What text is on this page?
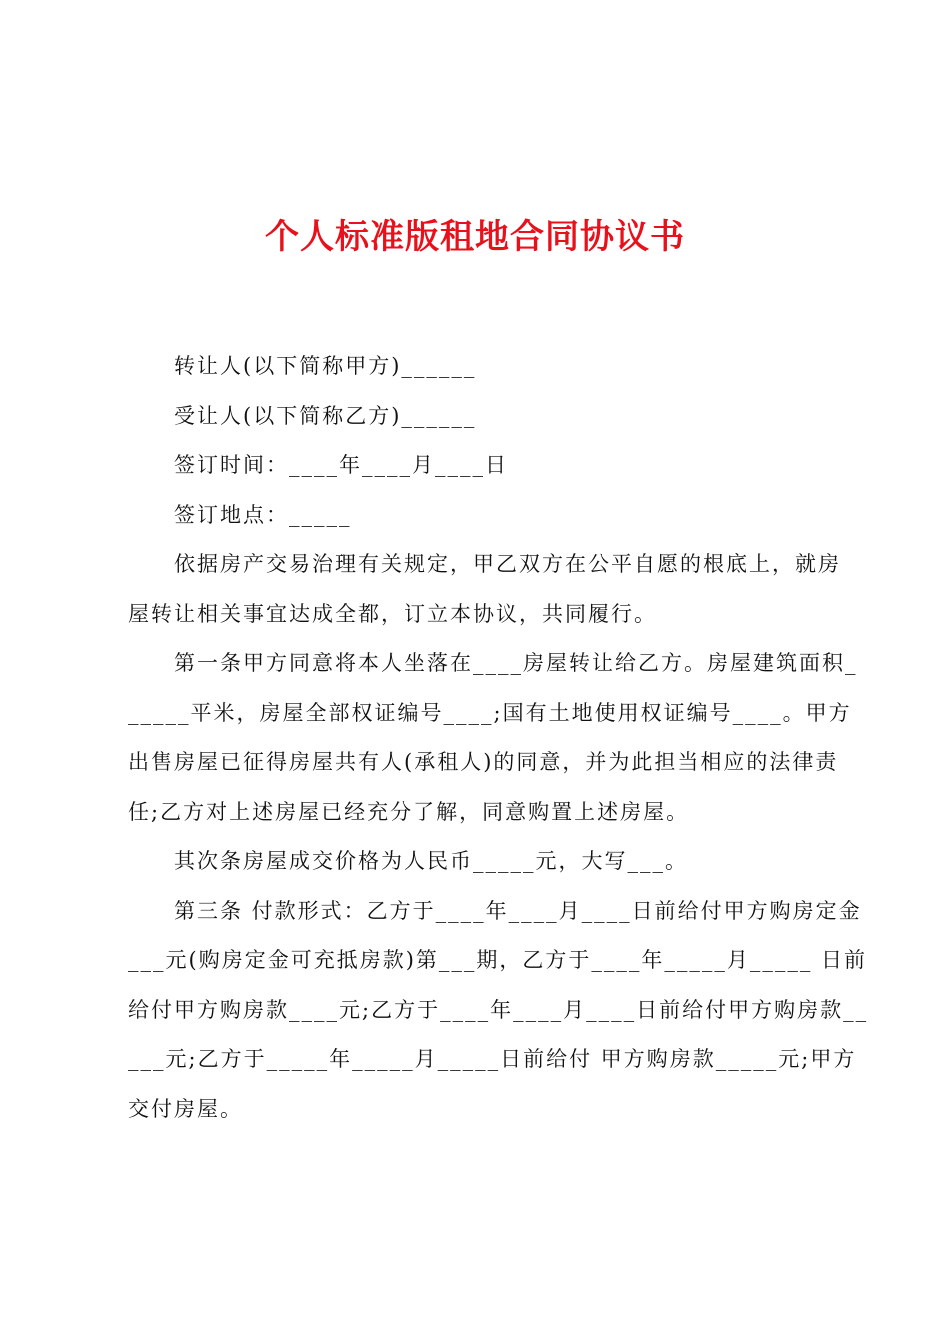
个人标准版租地合同协议书
转让人(以下简称甲方)______
受让人(以下简称乙方)______
签订时间：____年____月____日
签订地点：_____
依据房产交易治理有关规定，甲乙双方在公平自愿的根底上，就房
屋转让相关事宜达成全都，订立本协议，共同履行。
第一条甲方同意将本人坐落在____房屋转让给乙方。房屋建筑面积_
_____平米，房屋全部权证编号____;国有土地使用权证编号____。甲方
出售房屋已征得房屋共有人(承租人)的同意，并为此担当相应的法律责
任;乙方对上述房屋已经充分了解，同意购置上述房屋。
其次条房屋成交价格为人民币_____元，大写___。
第三条 付款形式：乙方于____年____月____日前给付甲方购房定金
___元(购房定金可充抵房款)第___期，乙方于____年_____月_____ 日前
给付甲方购房款____元;乙方于____年____月____日前给付甲方购房款__
___元;乙方于_____年_____月_____日前给付 甲方购房款_____元;甲方
交付房屋。
